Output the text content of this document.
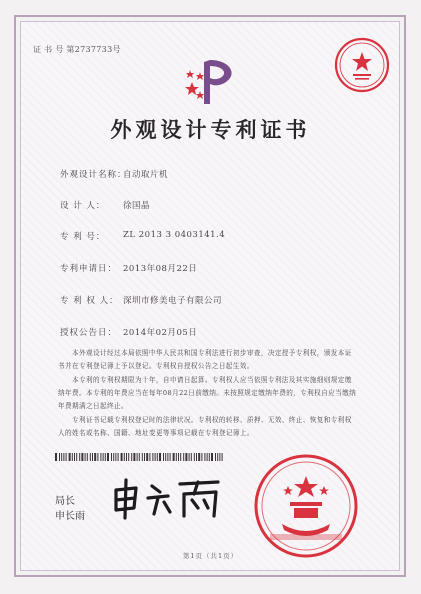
证 书 号 第2737733号
外观设计专利证书
外观设计名称：
自动取片机
设 计 人： 徐国晶
专 利 号： ZL 2013 3 0403141.4
专利申请日： 2013年08月22日
专 利 权 人： 深圳市修美电子有限公司
授权公告日： 2014年02月05日
本外观设计经过本局依照中华人民共和国专利法进行初步审查，决定授予专利权，颁发本证书并在专利登记簿上予以登记。专利权自授权公告之日起生效。
本专利的专利权期限为十年，自申请日起算。专利权人应当依照专利法及其实施细则规定缴纳年费。本专利的年费应当在每年08月22日前缴纳。未按照规定缴纳年费的，专利权自应当缴纳年费期满之日起终止。
专利证书记载专利权登记时的法律状况。专利权的转移、质押、无效、终止、恢复和专利权人的姓名或名称、国籍、地址变更等事项记载在专利登记簿上。
局长
申长雨
第1页（共1页）
